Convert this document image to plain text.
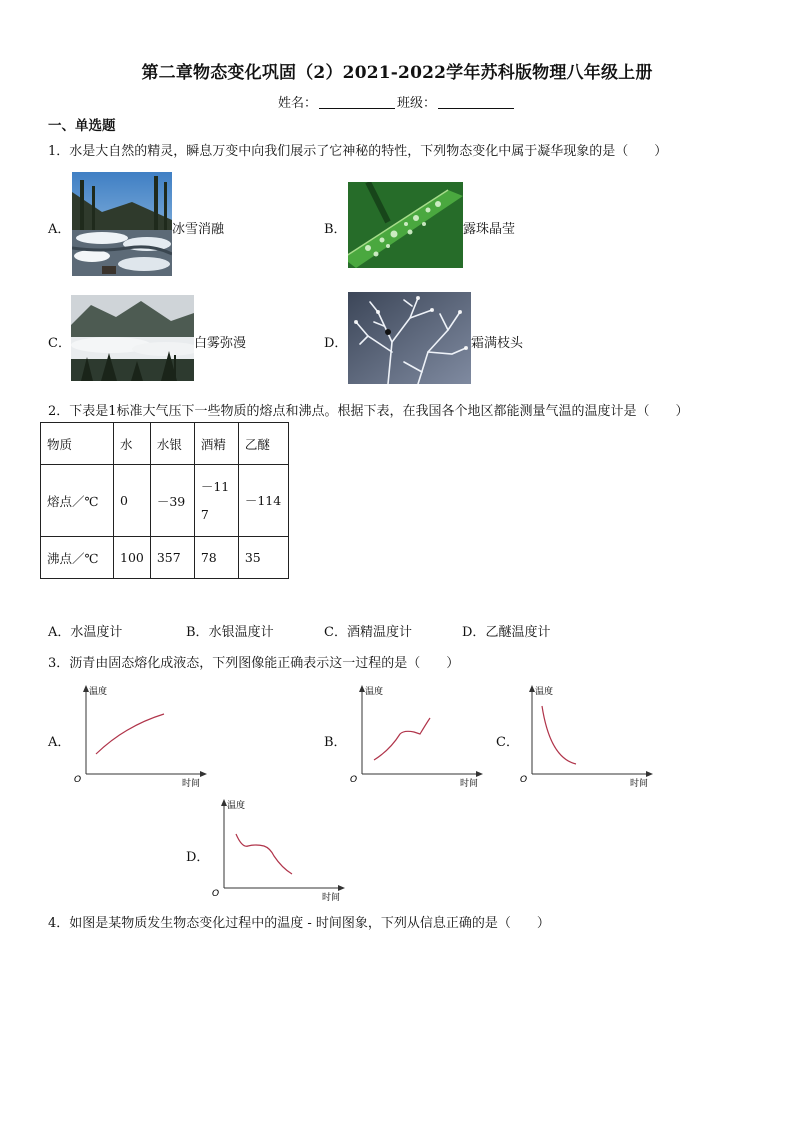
第二章物态变化巩固（2）2021-2022学年苏科版物理八年级上册
姓名：	班级：
一、单选题
1．水是大自然的精灵，瞬息万变中向我们展示了它神秘的特性，下列物态变化中属于凝华现象的是（　　）
A．	冰雪消融	B．	露珠晶莹
C．	白雾弥漫	D．	霜满枝头
2．下表是1标准大气压下一些物质的熔点和沸点。根据下表，在我国各个地区都能测量气温的温度计是（　　）
物质	水	水银	酒精	乙醚
熔点／℃	0	－39	－117	－114
沸点／℃	100	357	78	35
A．水温度计	B．水银温度计	C．酒精温度计	D．乙醚温度计
3．沥青由固态熔化成液态，下列图像能正确表示这一过程的是（　　）
A．
温度
时间
O
B．
温度
时间
O
C．
温度
时间
O
D．
温度
时间
O
4．如图是某物质发生物态变化过程中的温度 - 时间图象，下列从信息正确的是（　　）
